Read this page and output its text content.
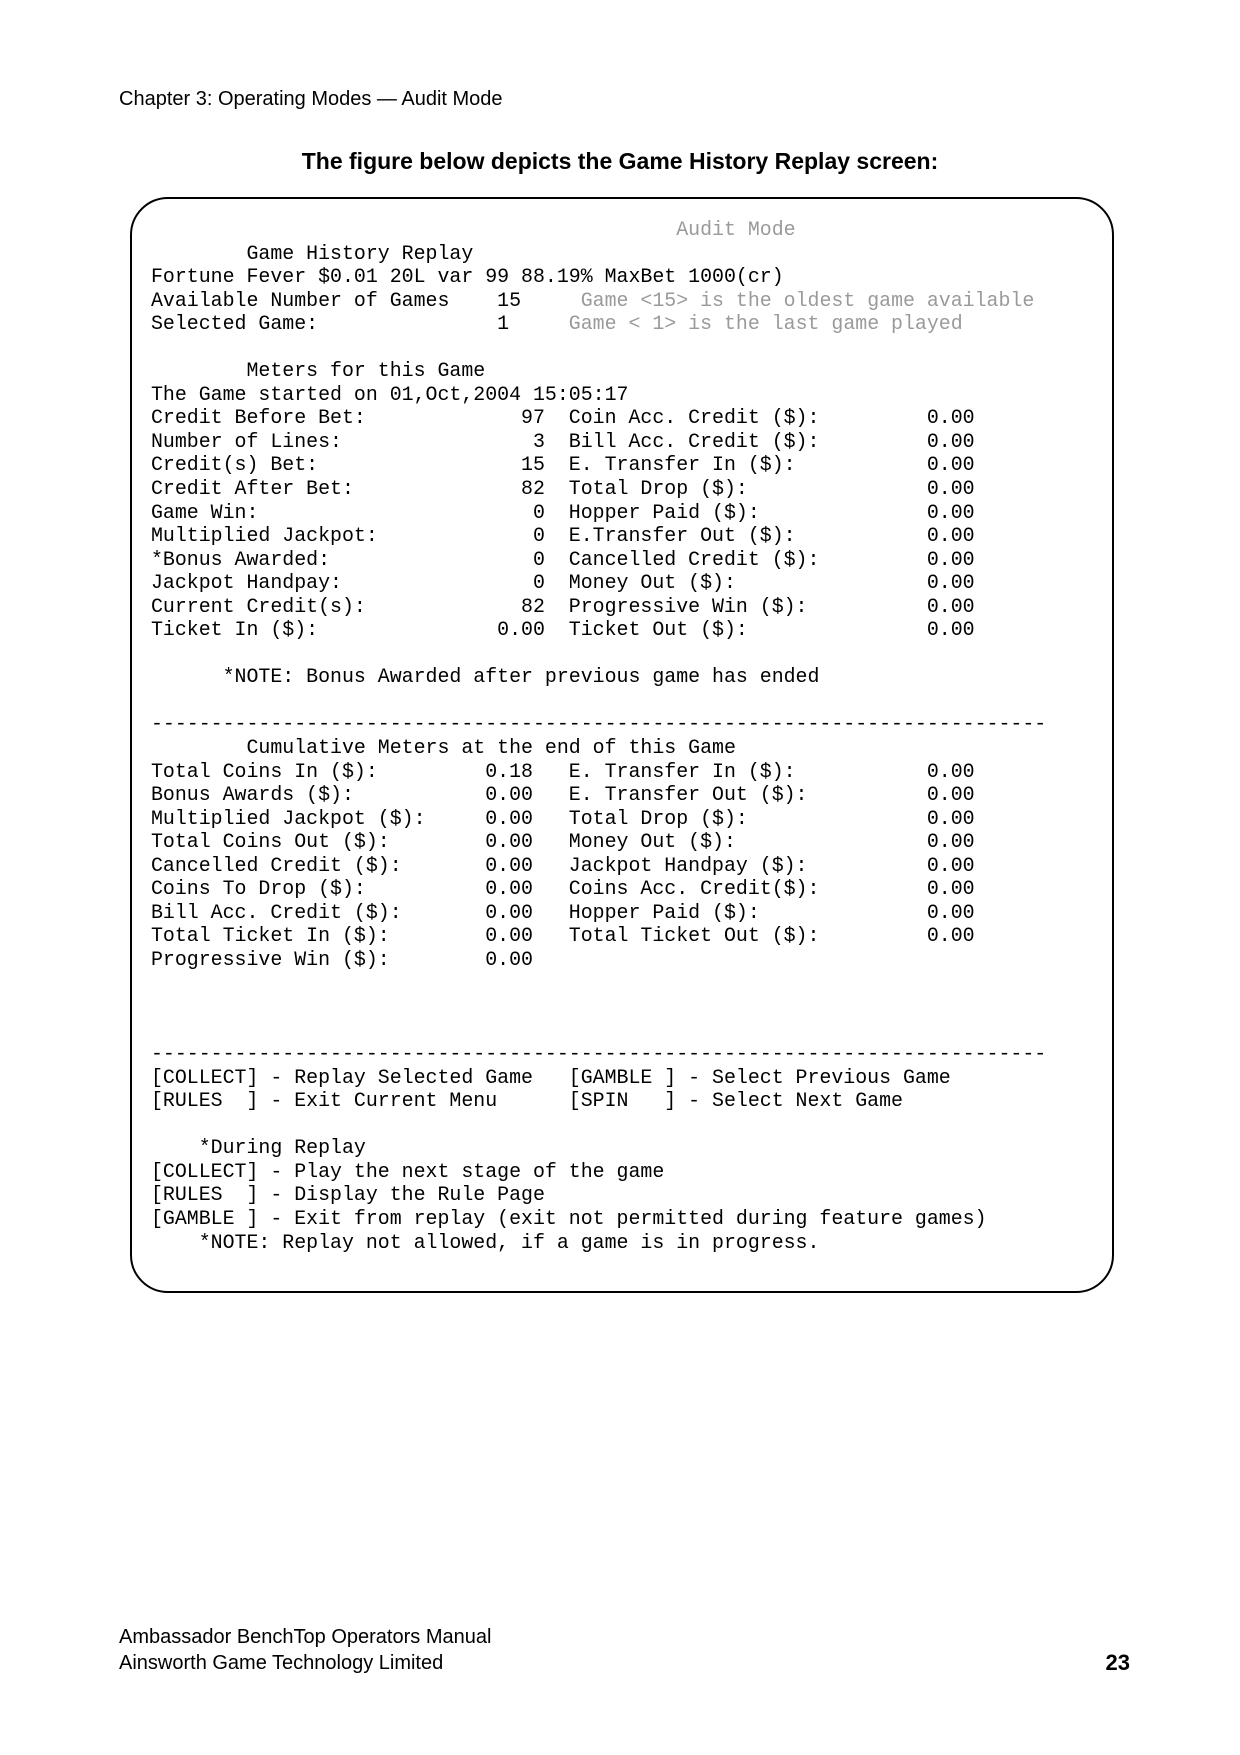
Chapter 3: Operating Modes — Audit Mode
The figure below depicts the Game History Replay screen:
Audit Mode
Game History Replay
Fortune Fever $0.01 20L var 99 88.19% MaxBet 1000(cr)
Available Number of Games    15     Game <15> is the oldest game available
Selected Game:               1     Game < 1> is the last game played
Meters for this Game
The Game started on 01,Oct,2004 15:05:17
Credit Before Bet:             97  Coin Acc. Credit ($):         0.00
Number of Lines:                3  Bill Acc. Credit ($):         0.00
Credit(s) Bet:                 15  E. Transfer In ($):           0.00
Credit After Bet:              82  Total Drop ($):               0.00
Game Win:                       0  Hopper Paid ($):              0.00
Multiplied Jackpot:             0  E.Transfer Out ($):           0.00
*Bonus Awarded:                 0  Cancelled Credit ($):         0.00
Jackpot Handpay:                0  Money Out ($):                0.00
Current Credit(s):             82  Progressive Win ($):          0.00
Ticket In ($):               0.00  Ticket Out ($):               0.00
*NOTE: Bonus Awarded after previous game has ended
---------------------------------------------------------------------------
Cumulative Meters at the end of this Game
Total Coins In ($):         0.18   E. Transfer In ($):           0.00
Bonus Awards ($):           0.00   E. Transfer Out ($):          0.00
Multiplied Jackpot ($):     0.00   Total Drop ($):               0.00
Total Coins Out ($):        0.00   Money Out ($):                0.00
Cancelled Credit ($):       0.00   Jackpot Handpay ($):          0.00
Coins To Drop ($):          0.00   Coins Acc. Credit($):         0.00
Bill Acc. Credit ($):       0.00   Hopper Paid ($):              0.00
Total Ticket In ($):        0.00   Total Ticket Out ($):         0.00
Progressive Win ($):        0.00
---------------------------------------------------------------------------
[COLLECT] - Replay Selected Game   [GAMBLE ] - Select Previous Game
[RULES  ] - Exit Current Menu      [SPIN   ] - Select Next Game
*During Replay
[COLLECT] - Play the next stage of the game
[RULES  ] - Display the Rule Page
[GAMBLE ] - Exit from replay (exit not permitted during feature games)
*NOTE: Replay not allowed, if a game is in progress.
Ambassador BenchTop Operators Manual
Ainsworth Game Technology Limited	23
